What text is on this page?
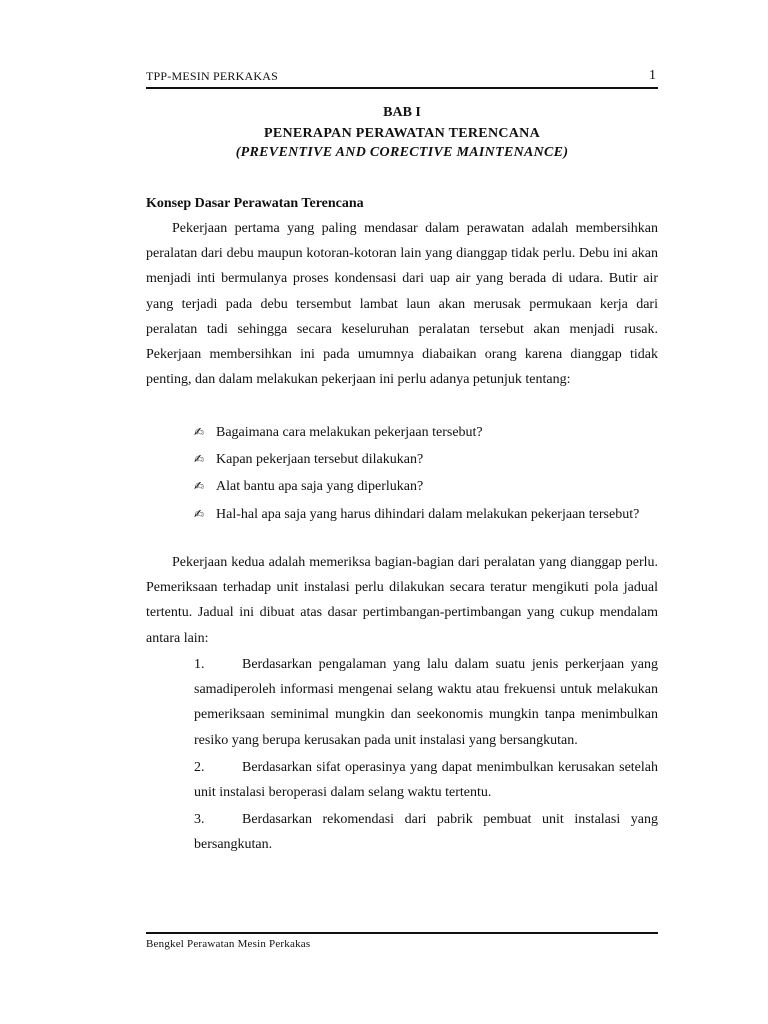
TPP-MESIN PERKAKAS	1
BAB I
PENERAPAN PERAWATAN TERENCANA
(PREVENTIVE AND CORECTIVE MAINTENANCE)
Konsep Dasar Perawatan Terencana

Pekerjaan pertama yang paling mendasar dalam perawatan adalah membersihkan peralatan dari debu maupun kotoran-kotoran lain yang dianggap tidak perlu. Debu ini akan menjadi inti bermulanya proses kondensasi dari uap air yang berada di udara. Butir air yang terjadi pada debu tersembut lambat laun akan merusak permukaan kerja dari peralatan tadi sehingga secara keseluruhan peralatan tersebut akan menjadi rusak. Pekerjaan membersihkan ini pada umumnya diabaikan orang karena dianggap tidak penting, dan dalam melakukan pekerjaan ini perlu adanya petunjuk tentang:

✍ Bagaimana cara melakukan pekerjaan tersebut?
✍ Kapan pekerjaan tersebut dilakukan?
✍ Alat bantu apa saja yang diperlukan?
✍ Hal-hal apa saja yang harus dihindari dalam melakukan pekerjaan tersebut?

Pekerjaan kedua adalah memeriksa bagian-bagian dari peralatan yang dianggap perlu. Pemeriksaan terhadap unit instalasi perlu dilakukan secara teratur mengikuti pola jadual tertentu. Jadual ini dibuat atas dasar pertimbangan-pertimbangan yang cukup mendalam antara lain:

1.	Berdasarkan pengalaman yang lalu dalam suatu jenis perkerjaan yang samadiperoleh informasi mengenai selang waktu atau frekuensi untuk melakukan pemeriksaan seminimal mungkin dan seekonomis mungkin tanpa menimbulkan resiko yang berupa kerusakan pada unit instalasi yang bersangkutan.
2.	Berdasarkan sifat operasinya yang dapat menimbulkan kerusakan setelah unit instalasi beroperasi dalam selang waktu tertentu.
3.	Berdasarkan rekomendasi dari pabrik pembuat unit instalasi yang bersangkutan.
Bengkel Perawatan Mesin Perkakas
